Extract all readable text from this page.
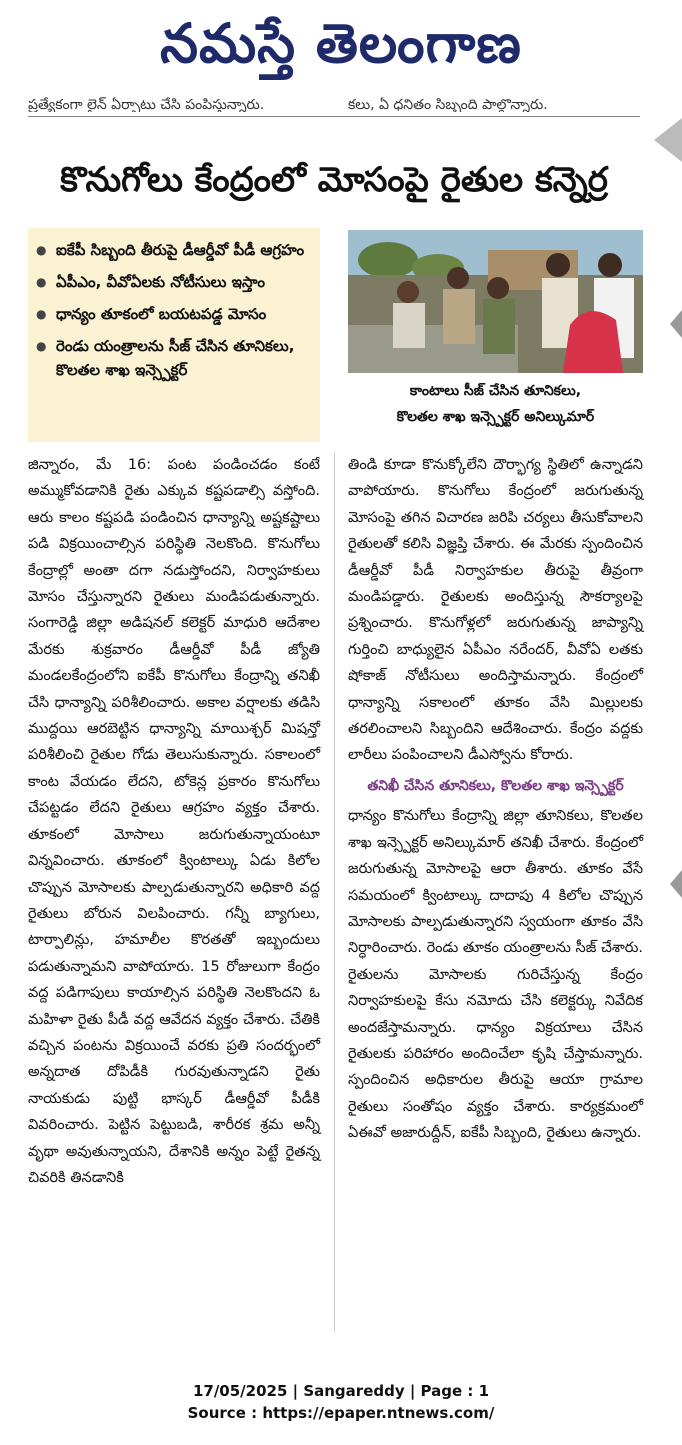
నమస్తే తెలంగాణ
ప్రత్యేకంగా లైన్ ఏర్పాటు చేసి పంపిస్తున్నారు.	కలు, ఏ ధనితం సిబ్బంది పాల్గొన్నారు.
కొనుగోలు కేంద్రంలో మోసంపై రైతుల కన్నెర్ర
● ఐకేపీ సిబ్బంది తీరుపై డీఆర్డీవో పీడీ ఆగ్రహం
● ఏపీఎం, వీవోఏలకు నోటీసులు ఇస్తాం
● ధాన్యం తూకంలో బయటపడ్డ మోసం
● రెండు యంత్రాలను సీజ్ చేసిన తూనికలు, కొలతల శాఖ ఇన్స్పెక్టర్
కాంటాలు సీజ్ చేసిన తూనికలు,
కొలతల శాఖ ఇన్స్పెక్టర్ అనిల్కుమార్

జిన్నారం, మే 16: పంట పండించడం కంటే అమ్ముకోవడానికి రైతు ఎక్కువ కష్టపడాల్సి వస్తోంది. ఆరు కాలం కష్టపడి పండించిన ధాన్యాన్ని అష్టకష్టాలు పడి విక్రయించాల్సిన పరిస్థితి నెలకొంది. కొనుగోలు కేంద్రాల్లో అంతా దగా నడుస్తోందని, నిర్వాహకులు మోసం చేస్తున్నారని రైతులు మండిపడుతున్నారు. సంగారెడ్డి జిల్లా అడిషనల్ కలెక్టర్ మాధురి ఆదేశాల మేరకు శుక్రవారం డీఆర్డీవో పీడీ జ్యోతి మండలకేంద్రంలోని ఐకేపీ కొనుగోలు కేంద్రాన్ని తనిఖీ చేసి ధాన్యాన్ని పరిశీలించారు. అకాల వర్షాలకు తడిసి ముద్దయి ఆరబెట్టిన ధాన్యాన్ని మాయిశ్చర్ మిషన్తో పరిశీలించి రైతుల గోడు తెలుసుకున్నారు. సకాలంలో కాంట వేయడం లేదని, టోకెన్ల ప్రకారం కొనుగోలు చేపట్టడం లేదని రైతులు ఆగ్రహం వ్యక్తం చేశారు. తూకంలో మోసాలు జరుగుతున్నాయంటూ విన్నవించారు. తూకంలో క్వింటాల్కు ఏడు కిలోల చొప్పున మోసాలకు పాల్పడుతున్నారని అధికారి వద్ద రైతులు బోరున విలపించారు. గన్నీ బ్యాగులు, టార్పాలిన్లు, హమాలీల కొరతతో ఇబ్బందులు పడుతున్నామని వాపోయారు. 15 రోజులుగా కేంద్రం వద్ద పడిగాపులు కాయాల్సిన పరిస్థితి నెలకొందని ఓ మహిళా రైతు పీడీ వద్ద ఆవేదన వ్యక్తం చేశారు. చేతికి వచ్చిన పంటను విక్రయించే వరకు ప్రతి సందర్భంలో అన్నదాత దోపిడీకి గురవుతున్నాడని రైతు నాయకుడు పుట్టి భాస్కర్ డీఆర్డీవో పీడీకి వివరించారు. పెట్టిన పెట్టుబడి, శారీరక శ్రమ అన్నీ వృథా అవుతున్నాయని, దేశానికి అన్నం పెట్టే రైతన్న చివరికి తినడానికి

తిండి కూడా కొనుక్కోలేని దౌర్భాగ్య స్థితిలో ఉన్నాడని వాపోయారు. కొనుగోలు కేంద్రంలో జరుగుతున్న మోసంపై తగిన విచారణ జరిపి చర్యలు తీసుకోవాలని రైతులతో కలిసి విజ్ఞప్తి చేశారు. ఈ మేరకు స్పందించిన డీఆర్డీవో పీడీ నిర్వాహకుల తీరుపై తీవ్రంగా మండిపడ్డారు. రైతులకు అందిస్తున్న సౌకర్యాలపై ప్రశ్నించారు. కొనుగోళ్లలో జరుగుతున్న జాప్యాన్ని గుర్తించి బాధ్యులైన ఏపీఎం నరేందర్, వీవోఏ లతకు షోకాజ్ నోటీసులు అందిస్తామన్నారు. కేంద్రంలో ధాన్యాన్ని సకాలంలో తూకం వేసి మిల్లులకు తరలించాలని సిబ్బందిని ఆదేశించారు. కేంద్రం వద్దకు లారీలు పంపించాలని డీఎస్వోను కోరారు.

తనిఖీ చేసిన తూనికలు, కొలతల శాఖ ఇన్స్పెక్టర్

ధాన్యం కొనుగోలు కేంద్రాన్ని జిల్లా తూనికలు, కొలతల శాఖ ఇన్స్పెక్టర్ అనిల్కుమార్ తనిఖీ చేశారు. కేంద్రంలో జరుగుతున్న మోసాలపై ఆరా తీశారు. తూకం వేసే సమయంలో క్వింటాల్కు దాదాపు 4 కిలోల చొప్పున మోసాలకు పాల్పడుతున్నారని స్వయంగా తూకం వేసి నిర్ధారించారు. రెండు తూకం యంత్రాలను సీజ్ చేశారు. రైతులను మోసాలకు గురిచేస్తున్న కేంద్రం నిర్వాహకులపై కేసు నమోదు చేసి కలెక్టర్కు నివేదిక అందజేస్తామన్నారు. ధాన్యం విక్రయాలు చేసిన రైతులకు పరిహారం అందించేలా కృషి చేస్తామన్నారు. స్పందించిన అధికారుల తీరుపై ఆయా గ్రామాల రైతులు సంతోషం వ్యక్తం చేశారు. కార్యక్రమంలో ఏఈవో అజారుద్దీన్, ఐకేపీ సిబ్బంది, రైతులు ఉన్నారు.

17/05/2025 | Sangareddy | Page : 1
Source : https://epaper.ntnews.com/
